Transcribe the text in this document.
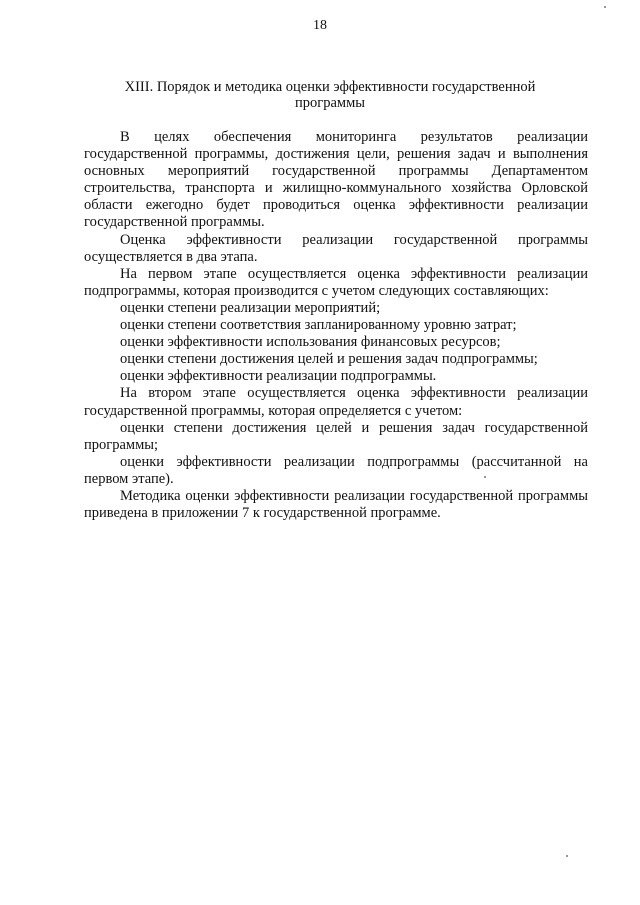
18
XIII. Порядок и методика оценки эффективности государственной
программы

В целях обеспечения мониторинга результатов реализации государственной программы, достижения цели, решения задач и выполнения основных мероприятий государственной программы Департаментом строительства, транспорта и жилищно-коммунального хозяйства Орловской области ежегодно будет проводиться оценка эффективности реализации государственной программы.

Оценка эффективности реализации государственной программы осуществляется в два этапа.

На первом этапе осуществляется оценка эффективности реализации подпрограммы, которая производится с учетом следующих составляющих:

оценки степени реализации мероприятий;

оценки степени соответствия запланированному уровню затрат;

оценки эффективности использования финансовых ресурсов;

оценки степени достижения целей и решения задач подпрограммы;

оценки эффективности реализации подпрограммы.

На втором этапе осуществляется оценка эффективности реализации государственной программы, которая определяется с учетом:

оценки степени достижения целей и решения задач государственной программы;

оценки эффективности реализации подпрограммы (рассчитанной на первом этапе).

Методика оценки эффективности реализации государственной программы приведена в приложении 7 к государственной программе.
